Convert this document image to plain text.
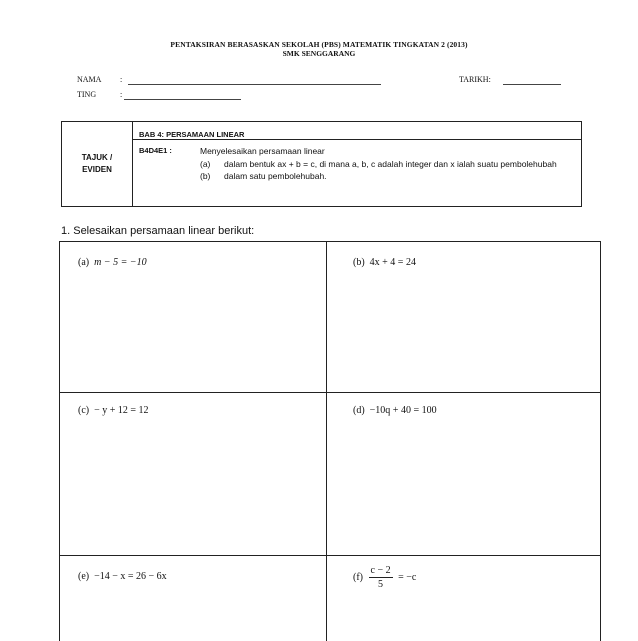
PENTAKSIRAN BERASASKAN SEKOLAH (PBS) MATEMATIK TINGKATAN 2 (2013)
SMK SENGGARANG
NAMA :	TARIKH:
TING	:
TAJUK / EVIDEN
BAB 4: PERSAMAAN LINEAR
B4D4E1 :	Menyelesaikan persamaan linear
(a)	dalam bentuk ax + b = c, di mana a, b, c adalah integer dan x ialah suatu pembolehubah
(b)	dalam satu pembolehubah.
1. Selesaikan persamaan linear berikut:
(a) m − 5 = −10	(b) 4x + 4 = 24
(c) − y + 12 = 12	(d) −10q + 40 = 100
(e) −14 − x = 26 − 6x	$(f) \frac{c - 2}{5} = -c$
